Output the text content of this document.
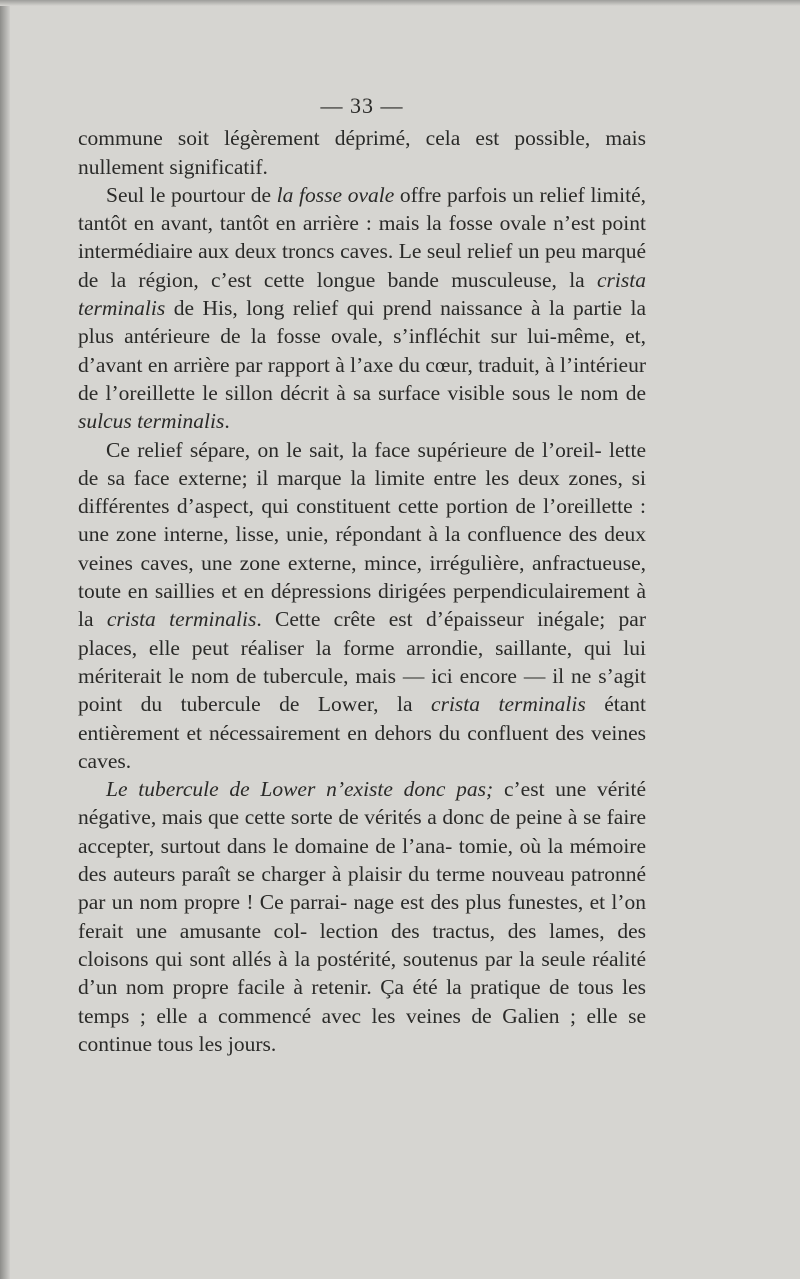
— 33 —

commune soit légèrement déprimé, cela est possible, mais nullement significatif.

Seul le pourtour de la fosse ovale offre parfois un relief limité, tantôt en avant, tantôt en arrière : mais la fosse ovale n’est point intermédiaire aux deux troncs caves. Le seul relief un peu marqué de la région, c’est cette longue bande musculeuse, la crista terminalis de His, long relief qui prend naissance à la partie la plus antérieure de la fosse ovale, s’infléchit sur lui-même, et, d’avant en arrière par rapport à l’axe du cœur, traduit, à l’intérieur de l’oreillette le sillon décrit à sa surface visible sous le nom de sulcus terminalis.

Ce relief sépare, on le sait, la face supérieure de l’oreil- lette de sa face externe; il marque la limite entre les deux zones, si différentes d’aspect, qui constituent cette portion de l’oreillette : une zone interne, lisse, unie, répondant à la confluence des deux veines caves, une zone externe, mince, irrégulière, anfractueuse, toute en saillies et en dépressions dirigées perpendiculairement à la crista terminalis. Cette crête est d’épaisseur inégale; par places, elle peut réaliser la forme arrondie, saillante, qui lui mériterait le nom de tubercule, mais — ici encore — il ne s’agit point du tubercule de Lower, la crista terminalis étant entièrement et nécessairement en dehors du confluent des veines caves.

Le tubercule de Lower n’existe donc pas; c’est une vérité négative, mais que cette sorte de vérités a donc de peine à se faire accepter, surtout dans le domaine de l’ana- tomie, où la mémoire des auteurs paraît se charger à plaisir du terme nouveau patronné par un nom propre ! Ce parrai- nage est des plus funestes, et l’on ferait une amusante col- lection des tractus, des lames, des cloisons qui sont allés à la postérité, soutenus par la seule réalité d’un nom propre facile à retenir. Ça été la pratique de tous les temps ; elle a commencé avec les veines de Galien ; elle se continue tous les jours.
